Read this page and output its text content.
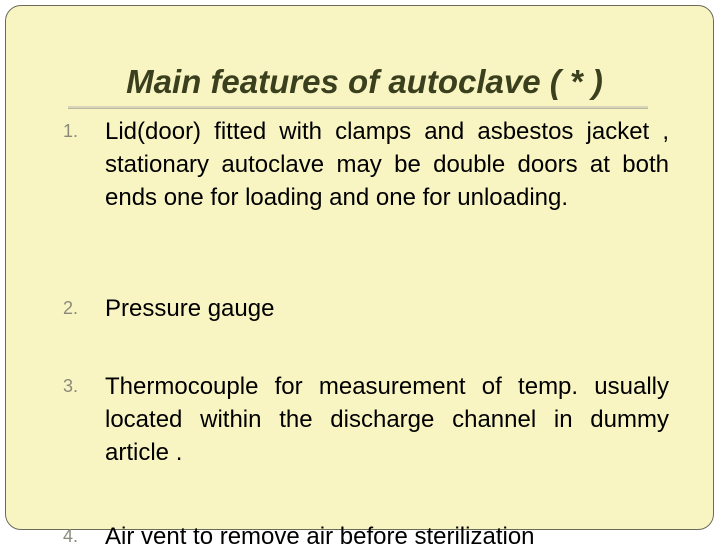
Main features of autoclave ( * )
1. Lid(door) fitted with clamps and asbestos jacket , stationary autoclave may be double doors at both ends one for loading and one for unloading.
2. Pressure gauge
3. Thermocouple for measurement of temp. usually located within the discharge channel in dummy article .
4. Air vent to remove air before sterilization
